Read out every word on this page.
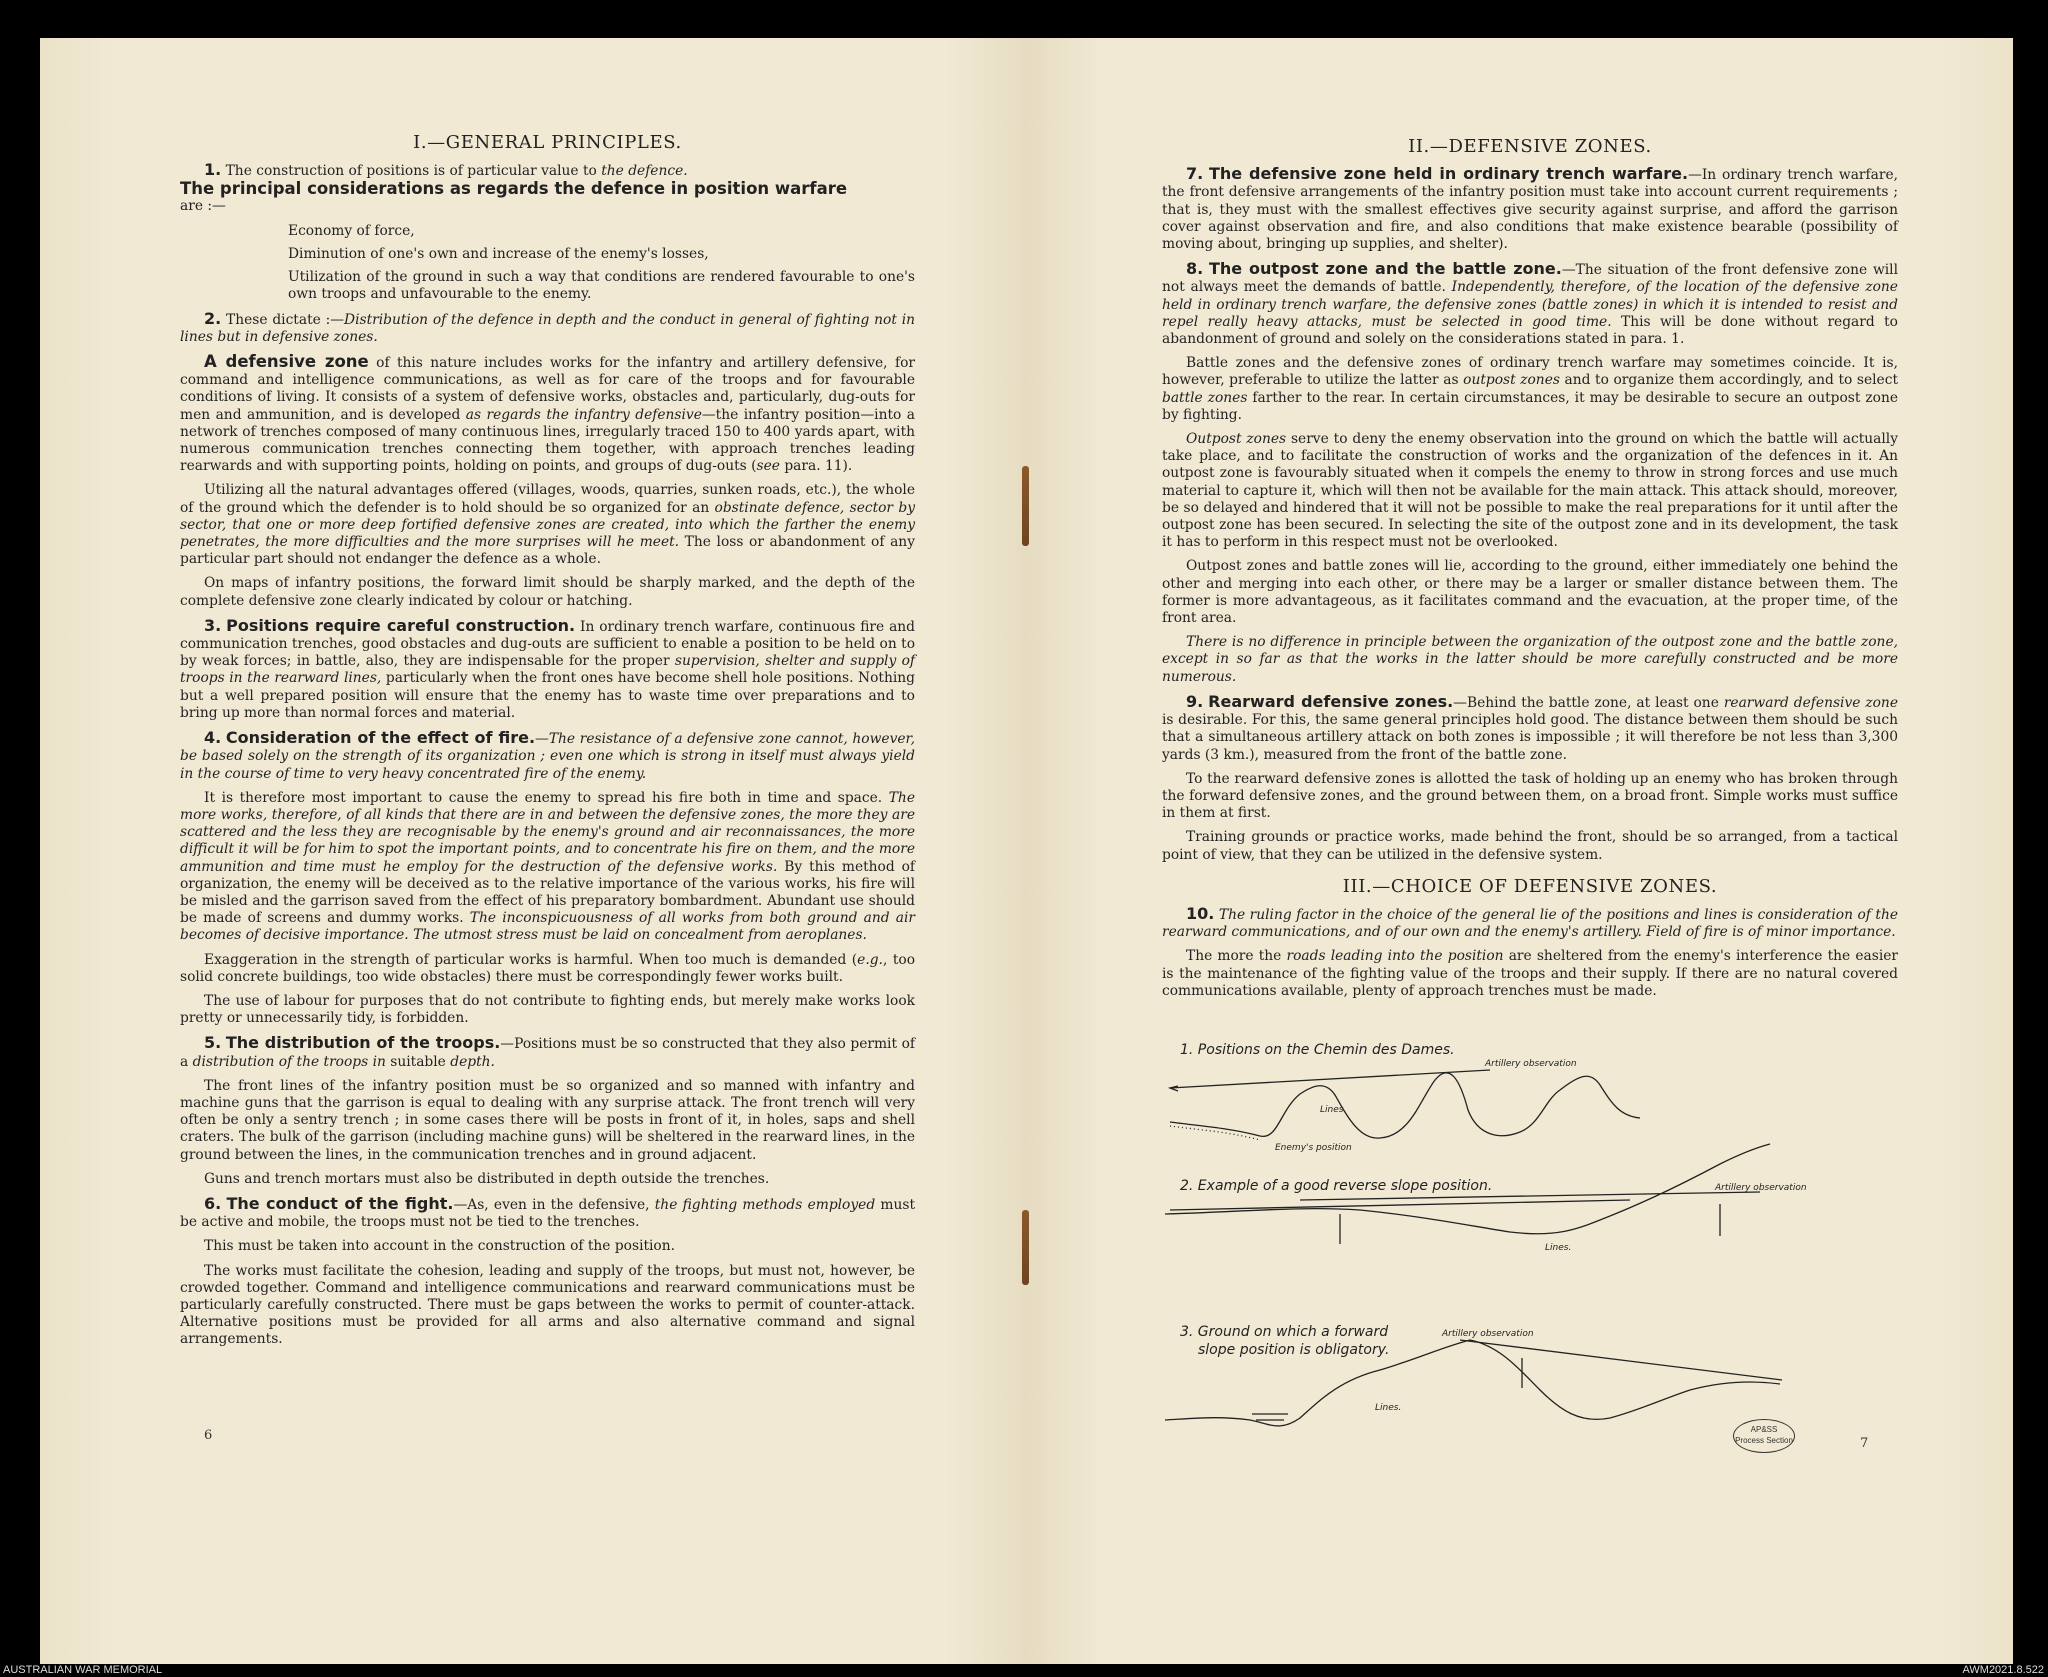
I.—GENERAL PRINCIPLES.

1. The construction of positions is of particular value to the defence.

The principal considerations as regards the defence in position warfare
are :—
Economy of force,
Diminution of one's own and increase of the enemy's losses,
Utilization of the ground in such a way that conditions are rendered favourable to one's own troops and unfavourable to the enemy.

2. These dictate :—Distribution of the defence in depth and the conduct in general of fighting not in lines but in defensive zones.

A defensive zone of this nature includes works for the infantry and artillery defensive, for command and intelligence communications, as well as for care of the troops and for favourable conditions of living. It consists of a system of defensive works, obstacles and, particularly, dug-outs for men and ammunition, and is developed as regards the infantry defensive—the infantry position—into a network of trenches composed of many continuous lines, irregularly traced 150 to 400 yards apart, with numerous communication trenches connecting them together, with approach trenches leading rearwards and with supporting points, holding on points, and groups of dug-outs (see para. 11).

Utilizing all the natural advantages offered (villages, woods, quarries, sunken roads, etc.), the whole of the ground which the defender is to hold should be so organized for an obstinate defence, sector by sector, that one or more deep fortified defensive zones are created, into which the farther the enemy penetrates, the more difficulties and the more surprises will he meet. The loss or abandonment of any particular part should not endanger the defence as a whole.

On maps of infantry positions, the forward limit should be sharply marked, and the depth of the complete defensive zone clearly indicated by colour or hatching.

3. Positions require careful construction. In ordinary trench warfare, continuous fire and communication trenches, good obstacles and dug-outs are sufficient to enable a position to be held on to by weak forces; in battle, also, they are indispensable for the proper supervision, shelter and supply of troops in the rearward lines, particularly when the front ones have become shell hole positions. Nothing but a well prepared position will ensure that the enemy has to waste time over preparations and to bring up more than normal forces and material.

4. Consideration of the effect of fire.—The resistance of a defensive zone cannot, however, be based solely on the strength of its organization ; even one which is strong in itself must always yield in the course of time to very heavy concentrated fire of the enemy.

It is therefore most important to cause the enemy to spread his fire both in time and space. The more works, therefore, of all kinds that there are in and between the defensive zones, the more they are scattered and the less they are recognisable by the enemy's ground and air reconnaissances, the more difficult it will be for him to spot the important points, and to concentrate his fire on them, and the more ammunition and time must he employ for the destruction of the defensive works. By this method of organization, the enemy will be deceived as to the relative importance of the various works, his fire will be misled and the garrison saved from the effect of his preparatory bombardment. Abundant use should be made of screens and dummy works. The inconspicuousness of all works from both ground and air becomes of decisive importance. The utmost stress must be laid on concealment from aeroplanes.

Exaggeration in the strength of particular works is harmful. When too much is demanded (e.g., too solid concrete buildings, too wide obstacles) there must be correspondingly fewer works built.

The use of labour for purposes that do not contribute to fighting ends, but merely make works look pretty or unnecessarily tidy, is forbidden.

5. The distribution of the troops.—Positions must be so constructed that they also permit of a distribution of the troops in suitable depth.

The front lines of the infantry position must be so organized and so manned with infantry and machine guns that the garrison is equal to dealing with any surprise attack. The front trench will very often be only a sentry trench ; in some cases there will be posts in front of it, in holes, saps and shell craters. The bulk of the garrison (including machine guns) will be sheltered in the rearward lines, in the ground between the lines, in the communication trenches and in ground adjacent.

Guns and trench mortars must also be distributed in depth outside the trenches.

6. The conduct of the fight.—As, even in the defensive, the fighting methods employed must be active and mobile, the troops must not be tied to the trenches.

This must be taken into account in the construction of the position.

The works must facilitate the cohesion, leading and supply of the troops, but must not, however, be crowded together. Command and intelligence communications and rearward communications must be particularly carefully constructed. There must be gaps between the works to permit of counter-attack. Alternative positions must be provided for all arms and also alternative command and signal arrangements.

6
II.—DEFENSIVE ZONES.

7. The defensive zone held in ordinary trench warfare.—In ordinary trench warfare, the front defensive arrangements of the infantry position must take into account current requirements ; that is, they must with the smallest effectives give security against surprise, and afford the garrison cover against observation and fire, and also conditions that make existence bearable (possibility of moving about, bringing up supplies, and shelter).

8. The outpost zone and the battle zone.—The situation of the front defensive zone will not always meet the demands of battle. Independently, therefore, of the location of the defensive zone held in ordinary trench warfare, the defensive zones (battle zones) in which it is intended to resist and repel really heavy attacks, must be selected in good time. This will be done without regard to abandonment of ground and solely on the considerations stated in para. 1.

Battle zones and the defensive zones of ordinary trench warfare may sometimes coincide. It is, however, preferable to utilize the latter as outpost zones and to organize them accordingly, and to select battle zones farther to the rear. In certain circumstances, it may be desirable to secure an outpost zone by fighting.

Outpost zones serve to deny the enemy observation into the ground on which the battle will actually take place, and to facilitate the construction of works and the organization of the defences in it. An outpost zone is favourably situated when it compels the enemy to throw in strong forces and use much material to capture it, which will then not be available for the main attack. This attack should, moreover, be so delayed and hindered that it will not be possible to make the real preparations for it until after the outpost zone has been secured. In selecting the site of the outpost zone and in its development, the task it has to perform in this respect must not be overlooked.

Outpost zones and battle zones will lie, according to the ground, either immediately one behind the other and merging into each other, or there may be a larger or smaller distance between them. The former is more advantageous, as it facilitates command and the evacuation, at the proper time, of the front area.

There is no difference in principle between the organization of the outpost zone and the battle zone, except in so far as that the works in the latter should be more carefully constructed and be more numerous.

9. Rearward defensive zones.—Behind the battle zone, at least one rearward defensive zone is desirable. For this, the same general principles hold good. The distance between them should be such that a simultaneous artillery attack on both zones is impossible ; it will therefore be not less than 3,300 yards (3 km.), measured from the front of the battle zone.

To the rearward defensive zones is allotted the task of holding up an enemy who has broken through the forward defensive zones, and the ground between them, on a broad front. Simple works must suffice in them at first.

Training grounds or practice works, made behind the front, should be so arranged, from a tactical point of view, that they can be utilized in the defensive system.

III.—CHOICE OF DEFENSIVE ZONES.

10. The ruling factor in the choice of the general lie of the positions and lines is consideration of the rearward communications, and of our own and the enemy's artillery. Field of fire is of minor importance.

The more the roads leading into the position are sheltered from the enemy's interference the easier is the maintenance of the fighting value of the troops and their supply. If there are no natural covered communications available, plenty of approach trenches must be made.

7
1. Positions on the Chemin des Dames.
Artillery observation
Lines.
Enemy's position
2. Example of a good reverse slope position.	Artillery observation
Lines.
3. Ground on which a forward
slope position is obligatory.
Artillery observation
Lines.
AP&SS
Process Section
AUSTRALIAN WAR MEMORIAL	AWM2021.8.522
